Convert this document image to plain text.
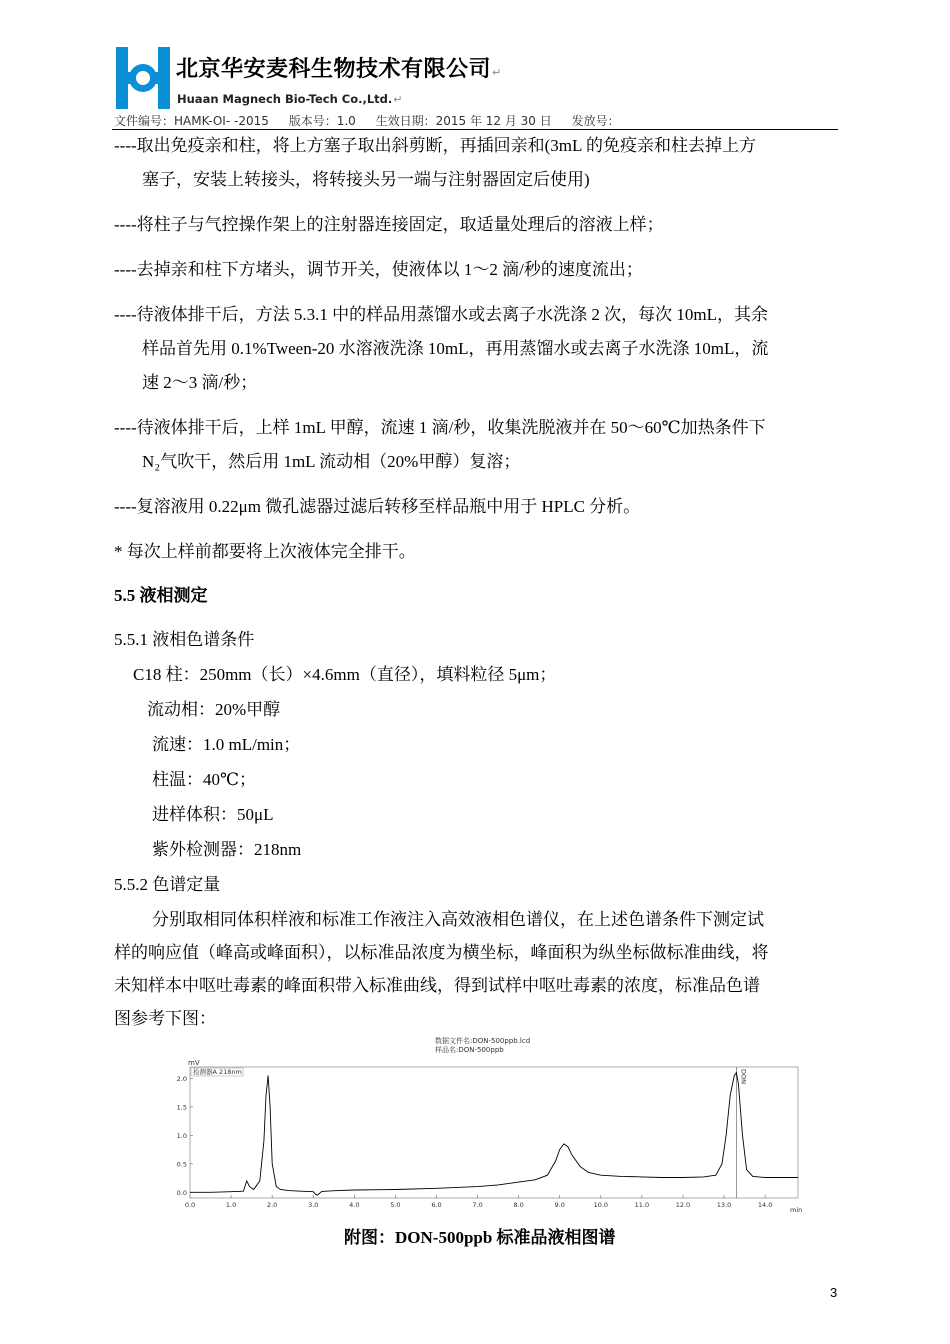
北京华安麦科生物技术有限公司↵
Huaan Magnech Bio-Tech Co.,Ltd.↵
文件编号：HAMK-OI- -2015 版本号：1.0 生效日期：2015 年 12 月 30 日 发放号：
----取出免疫亲和柱，将上方塞子取出斜剪断，再插回亲和(3mL 的免疫亲和柱去掉上方
塞子，安装上转接头，将转接头另一端与注射器固定后使用)
----将柱子与气控操作架上的注射器连接固定，取适量处理后的溶液上样；
----去掉亲和柱下方堵头，调节开关，使液体以 1～2 滴/秒的速度流出；
----待液体排干后，方法 5.3.1 中的样品用蒸馏水或去离子水洗涤 2 次，每次 10mL，其余
样品首先用 0.1%Tween-20 水溶液洗涤 10mL，再用蒸馏水或去离子水洗涤 10mL，流
速 2～3 滴/秒；
----待液体排干后，上样 1mL 甲醇，流速 1 滴/秒，收集洗脱液并在 50～60℃加热条件下
N₂气吹干，然后用 1mL 流动相（20%甲醇）复溶；
----复溶液用 0.22μm 微孔滤器过滤后转移至样品瓶中用于 HPLC 分析。
* 每次上样前都要将上次液体完全排干。
5.5 液相测定
5.5.1 液相色谱条件
C18 柱：250mm（长）×4.6mm（直径），填料粒径 5μm；
流动相：20%甲醇
流速：1.0 mL/min；
柱温：40℃；
进样体积：50μL
紫外检测器：218nm
5.5.2 色谱定量
分别取相同体积样液和标准工作液注入高效液相色谱仪，在上述色谱条件下测定试
样的响应值（峰高或峰面积），以标准品浓度为横坐标，峰面积为纵坐标做标准曲线，将
未知样本中呕吐毒素的峰面积带入标准曲线，得到试样中呕吐毒素的浓度，标准品色谱
图参考下图：
数据文件名:DON-500ppb.lcd
样品名:DON-500ppb
mV
检测器A 218nm
0.0	1.0	2.0	3.0	4.0	5.0	6.0	7.0	8.0	9.0	10.0	11.0	12.0	13.0	14.0
0.0
0.5
1.0
1.5
2.0	DON
min
附图：DON-500ppb 标准品液相图谱
3
